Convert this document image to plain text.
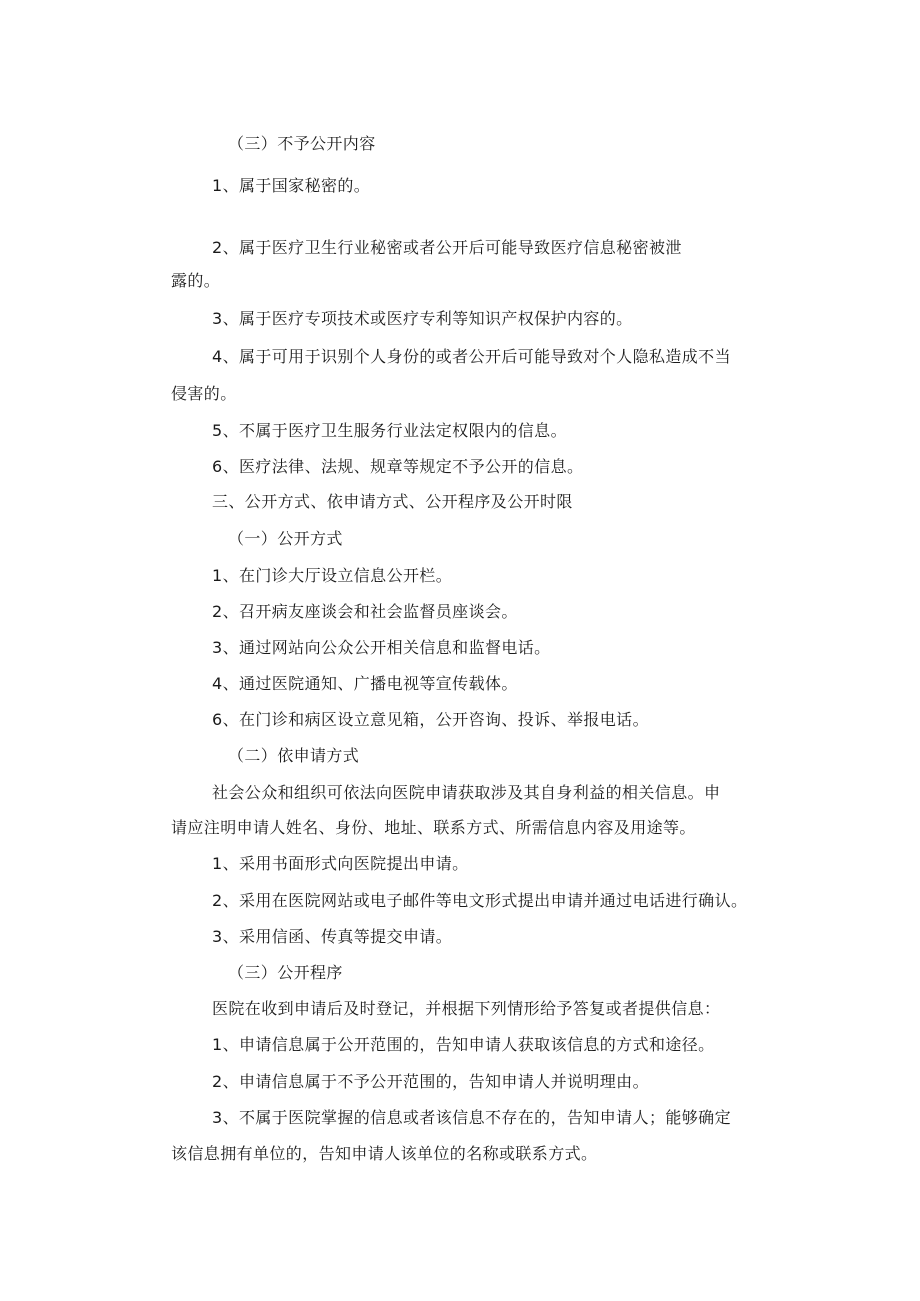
（三）不予公开内容
1、属于国家秘密的。
2、属于医疗卫生行业秘密或者公开后可能导致医疗信息秘密被泄
露的。
3、属于医疗专项技术或医疗专利等知识产权保护内容的。
4、属于可用于识别个人身份的或者公开后可能导致对个人隐私造成不当
侵害的。
5、不属于医疗卫生服务行业法定权限内的信息。
6、医疗法律、法规、规章等规定不予公开的信息。
三、公开方式、依申请方式、公开程序及公开时限
（一）公开方式
1、在门诊大厅设立信息公开栏。
2、召开病友座谈会和社会监督员座谈会。
3、通过网站向公众公开相关信息和监督电话。
4、通过医院通知、广播电视等宣传载体。
6、在门诊和病区设立意见箱，公开咨询、投诉、举报电话。
（二）依申请方式
社会公众和组织可依法向医院申请获取涉及其自身利益的相关信息。申
请应注明申请人姓名、身份、地址、联系方式、所需信息内容及用途等。
1、采用书面形式向医院提出申请。
2、采用在医院网站或电子邮件等电文形式提出申请并通过电话进行确认。
3、采用信函、传真等提交申请。
（三）公开程序
医院在收到申请后及时登记，并根据下列情形给予答复或者提供信息：
1、申请信息属于公开范围的，告知申请人获取该信息的方式和途径。
2、申请信息属于不予公开范围的，告知申请人并说明理由。
3、不属于医院掌握的信息或者该信息不存在的，告知申请人；能够确定
该信息拥有单位的，告知申请人该单位的名称或联系方式。
